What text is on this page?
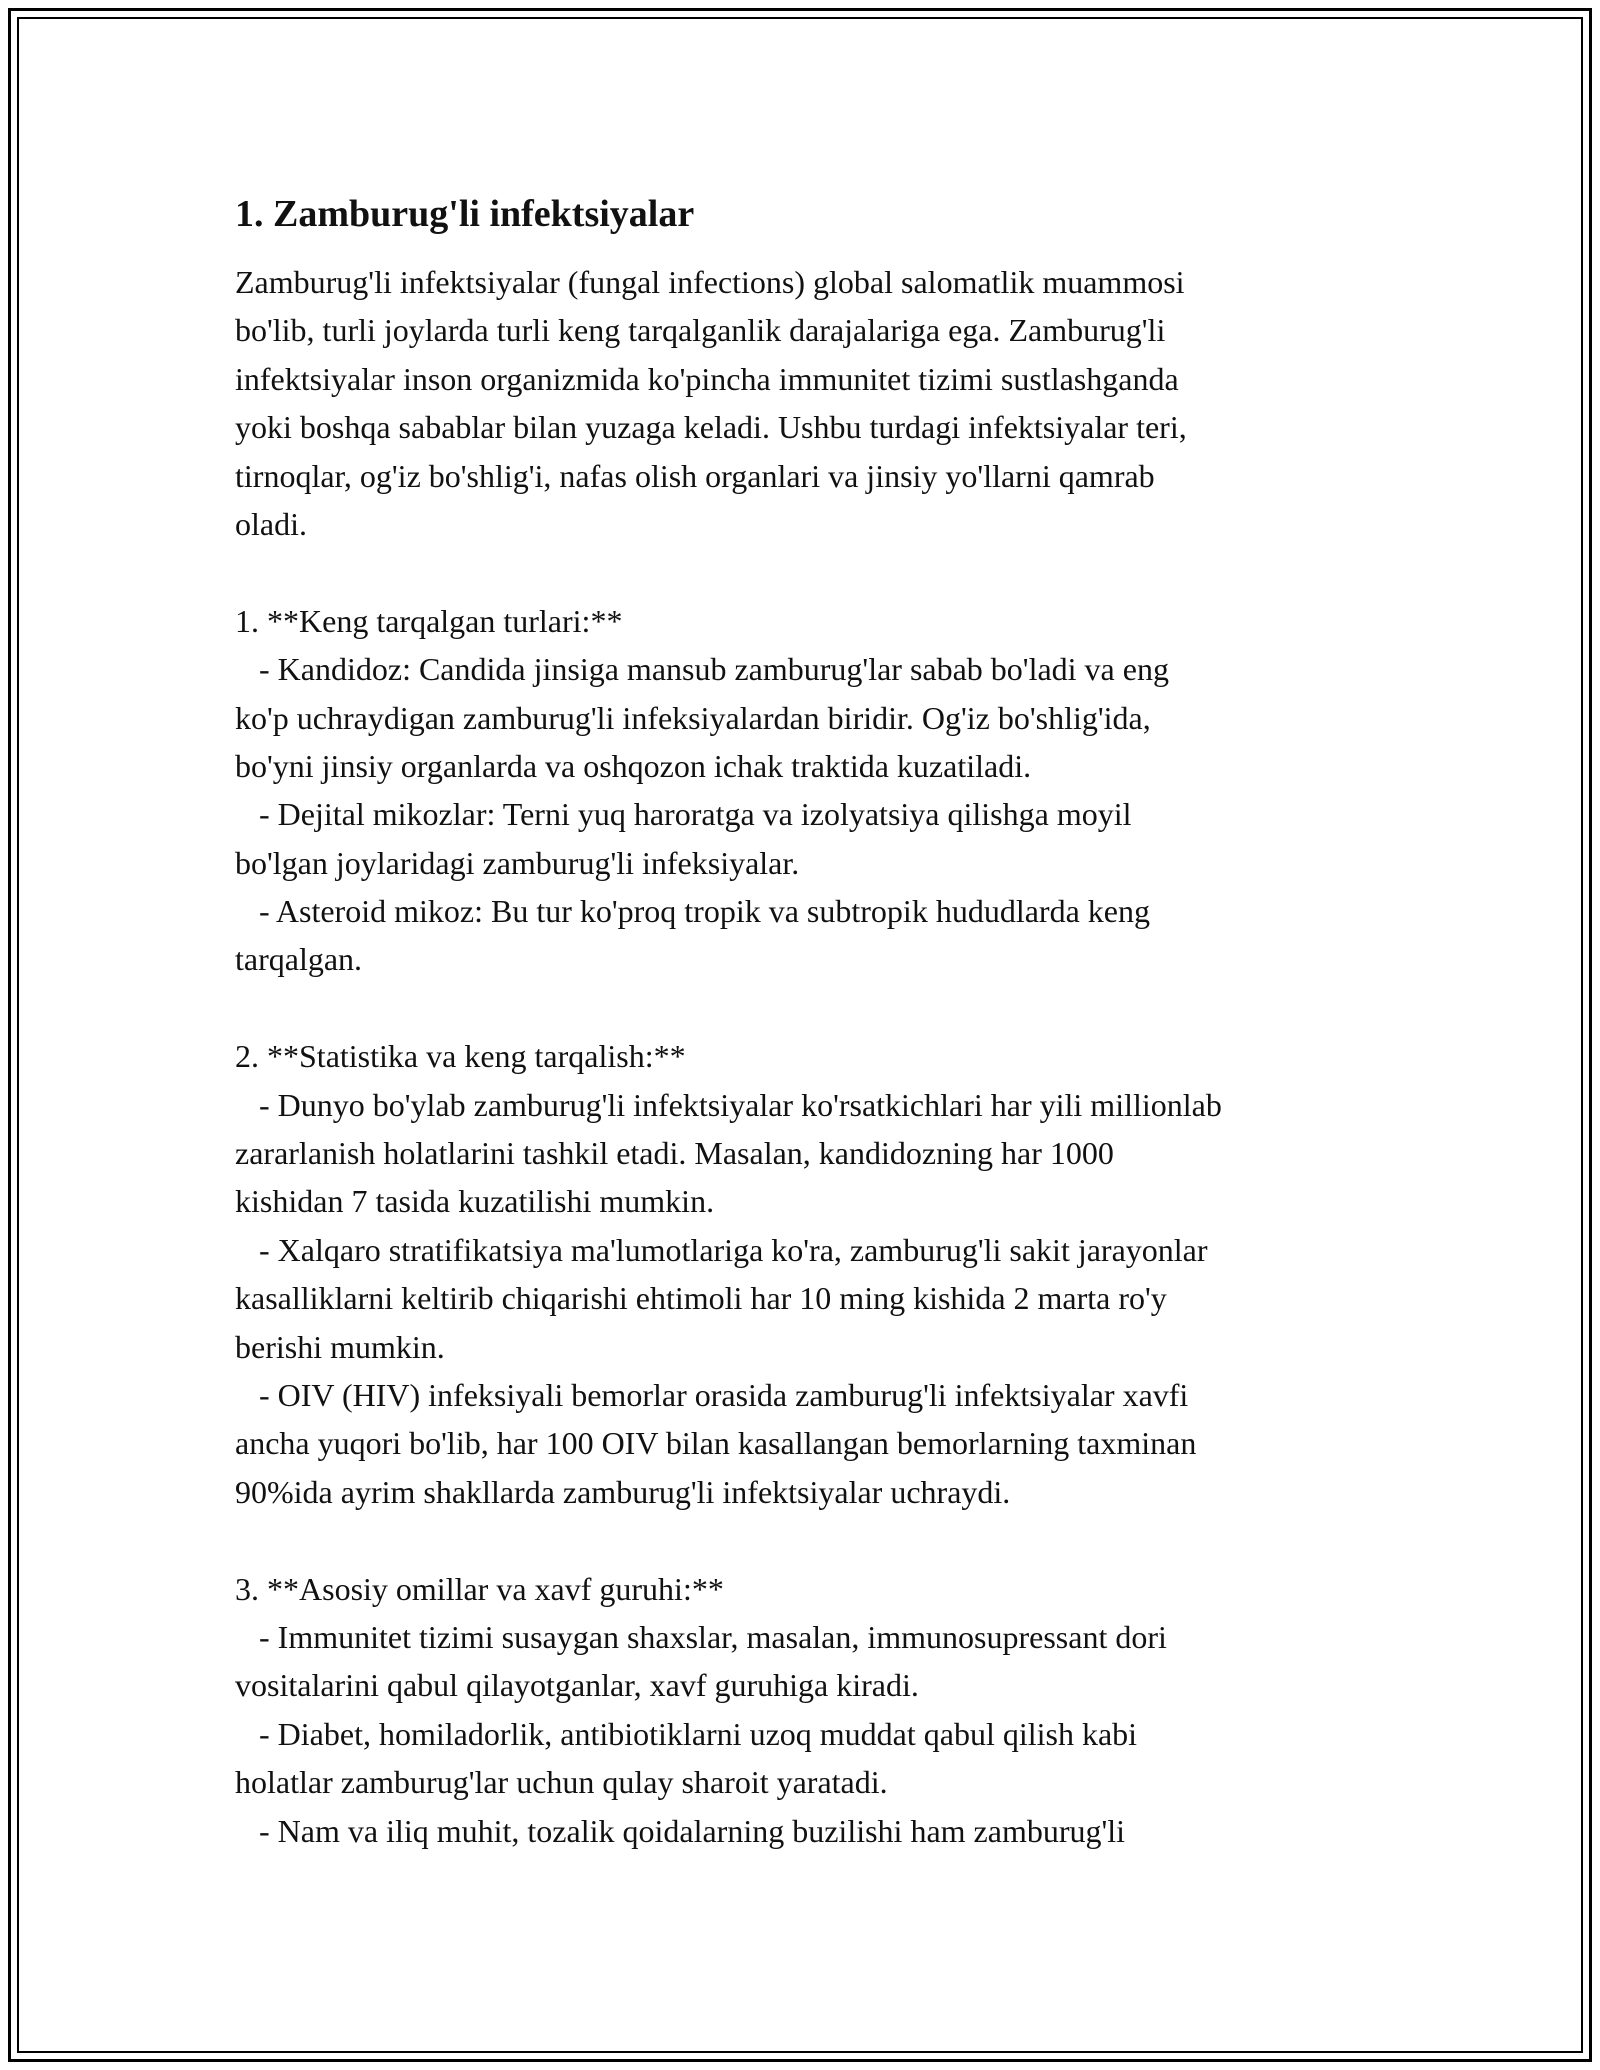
1. Zamburug'li infektsiyalar
Zamburug'li infektsiyalar (fungal infections) global salomatlik muammosi
bo'lib, turli joylarda turli keng tarqalganlik darajalariga ega. Zamburug'li
infektsiyalar inson organizmida ko'pincha immunitet tizimi sustlashganda
yoki boshqa sabablar bilan yuzaga keladi. Ushbu turdagi infektsiyalar teri,
tirnoqlar, og'iz bo'shlig'i, nafas olish organlari va jinsiy yo'llarni qamrab
oladi.
1. **Keng tarqalgan turlari:**
- Kandidoz: Candida jinsiga mansub zamburug'lar sabab bo'ladi va eng
ko'p uchraydigan zamburug'li infeksiyalardan biridir. Og'iz bo'shlig'ida,
bo'yni jinsiy organlarda va oshqozon ichak traktida kuzatiladi.
- Dejital mikozlar: Terni yuq haroratga va izolyatsiya qilishga moyil
bo'lgan joylaridagi zamburug'li infeksiyalar.
- Asteroid mikoz: Bu tur ko'proq tropik va subtropik hududlarda keng
tarqalgan.
2. **Statistika va keng tarqalish:**
- Dunyo bo'ylab zamburug'li infektsiyalar ko'rsatkichlari har yili millionlab
zararlanish holatlarini tashkil etadi. Masalan, kandidozning har 1000
kishidan 7 tasida kuzatilishi mumkin.
- Xalqaro stratifikatsiya ma'lumotlariga ko'ra, zamburug'li sakit jarayonlar
kasalliklarni keltirib chiqarishi ehtimoli har 10 ming kishida 2 marta ro'y
berishi mumkin.
- OIV (HIV) infeksiyali bemorlar orasida zamburug'li infektsiyalar xavfi
ancha yuqori bo'lib, har 100 OIV bilan kasallangan bemorlarning taxminan
90%ida ayrim shakllarda zamburug'li infektsiyalar uchraydi.
3. **Asosiy omillar va xavf guruhi:**
- Immunitet tizimi susaygan shaxslar, masalan, immunosupressant dori
vositalarini qabul qilayotganlar, xavf guruhiga kiradi.
- Diabet, homiladorlik, antibiotiklarni uzoq muddat qabul qilish kabi
holatlar zamburug'lar uchun qulay sharoit yaratadi.
- Nam va iliq muhit, tozalik qoidalarning buzilishi ham zamburug'li
